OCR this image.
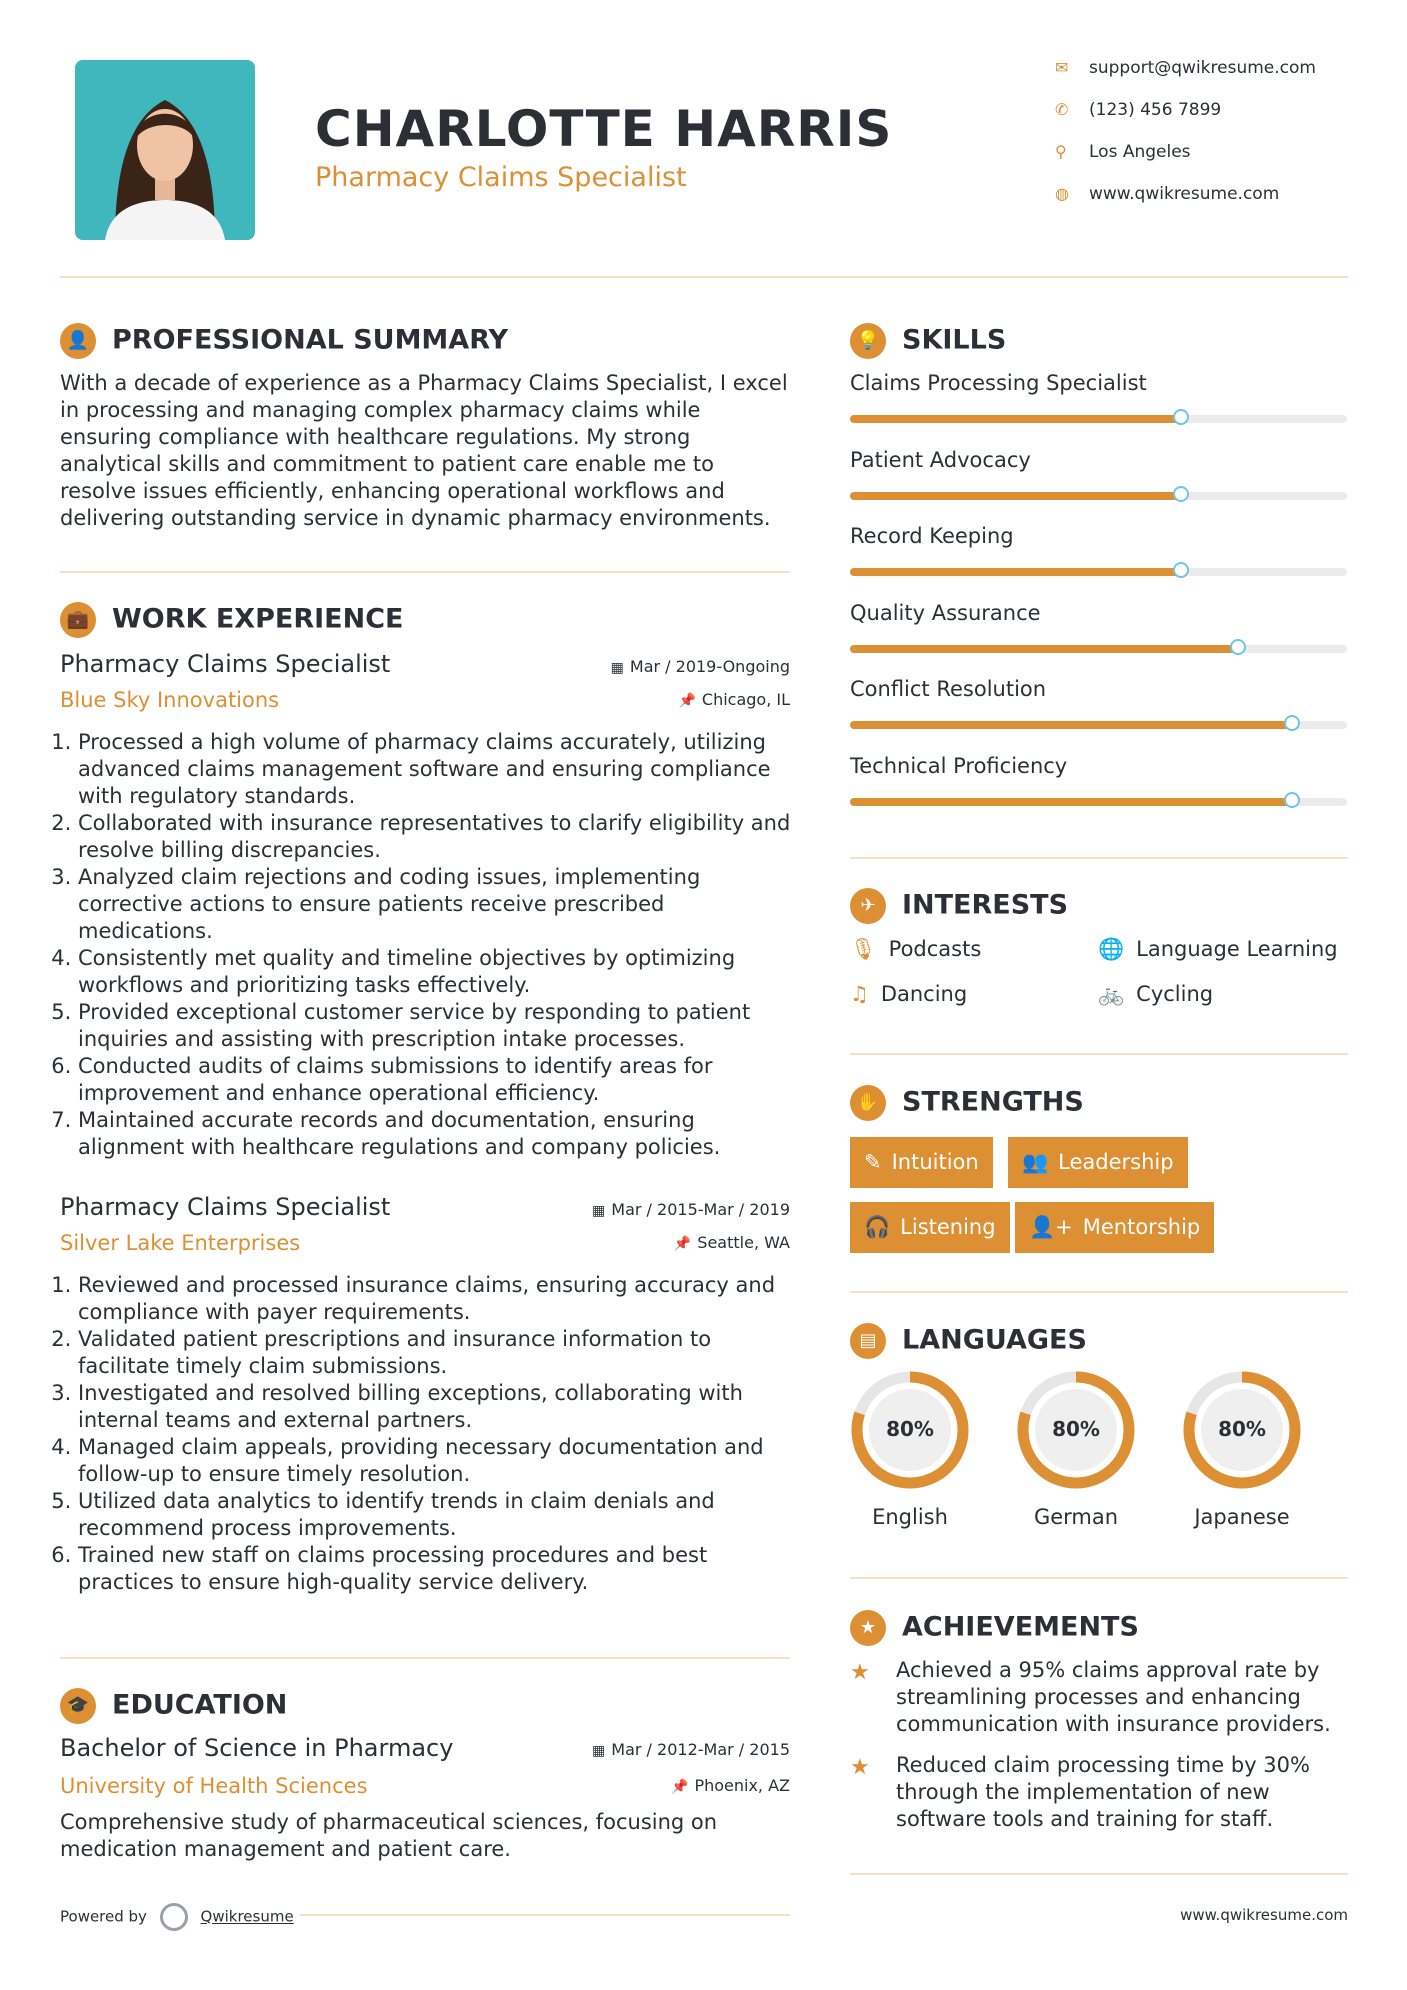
CHARLOTTE HARRIS
Pharmacy Claims Specialist
✉ support@qwikresume.com
✆ (123) 456 7899
⚲ Los Angeles
◍ www.qwikresume.com
👤 PROFESSIONAL SUMMARY
With a decade of experience as a Pharmacy Claims Specialist, I excel in processing and managing complex pharmacy claims while ensuring compliance with healthcare regulations. My strong analytical skills and commitment to patient care enable me to resolve issues efficiently, enhancing operational workflows and delivering outstanding service in dynamic pharmacy environments.
💼 WORK EXPERIENCE
Pharmacy Claims Specialist	▦ Mar / 2019-Ongoing
Blue Sky Innovations	📌 Chicago, IL
1. Processed a high volume of pharmacy claims accurately, utilizing advanced claims management software and ensuring compliance with regulatory standards.
2. Collaborated with insurance representatives to clarify eligibility and resolve billing discrepancies.
3. Analyzed claim rejections and coding issues, implementing corrective actions to ensure patients receive prescribed medications.
4. Consistently met quality and timeline objectives by optimizing workflows and prioritizing tasks effectively.
5. Provided exceptional customer service by responding to patient inquiries and assisting with prescription intake processes.
6. Conducted audits of claims submissions to identify areas for improvement and enhance operational efficiency.
7. Maintained accurate records and documentation, ensuring alignment with healthcare regulations and company policies.
Pharmacy Claims Specialist	▦ Mar / 2015-Mar / 2019
Silver Lake Enterprises	📌 Seattle, WA
1. Reviewed and processed insurance claims, ensuring accuracy and compliance with payer requirements.
2. Validated patient prescriptions and insurance information to facilitate timely claim submissions.
3. Investigated and resolved billing exceptions, collaborating with internal teams and external partners.
4. Managed claim appeals, providing necessary documentation and follow-up to ensure timely resolution.
5. Utilized data analytics to identify trends in claim denials and recommend process improvements.
6. Trained new staff on claims processing procedures and best practices to ensure high-quality service delivery.
🎓 EDUCATION
Bachelor of Science in Pharmacy	▦ Mar / 2012-Mar / 2015
University of Health Sciences	📌 Phoenix, AZ
Comprehensive study of pharmaceutical sciences, focusing on medication management and patient care.
Powered by	Qwikresume	www.qwikresume.com
💡 SKILLS
Claims Processing Specialist
Patient Advocacy
Record Keeping
Quality Assurance
Conflict Resolution
Technical Proficiency
✈ INTERESTS
🎙 Podcasts	🌐 Language Learning
♫ Dancing	🚲 Cycling
✋ STRENGTHS
✎ Intuition	👥 Leadership
🎧 Listening	👤+ Mentorship
▤ LANGUAGES
80%
English
80%
German
80%
Japanese
★ ACHIEVEMENTS
★ Achieved a 95% claims approval rate by streamlining processes and enhancing communication with insurance providers.
★ Reduced claim processing time by 30% through the implementation of new software tools and training for staff.
